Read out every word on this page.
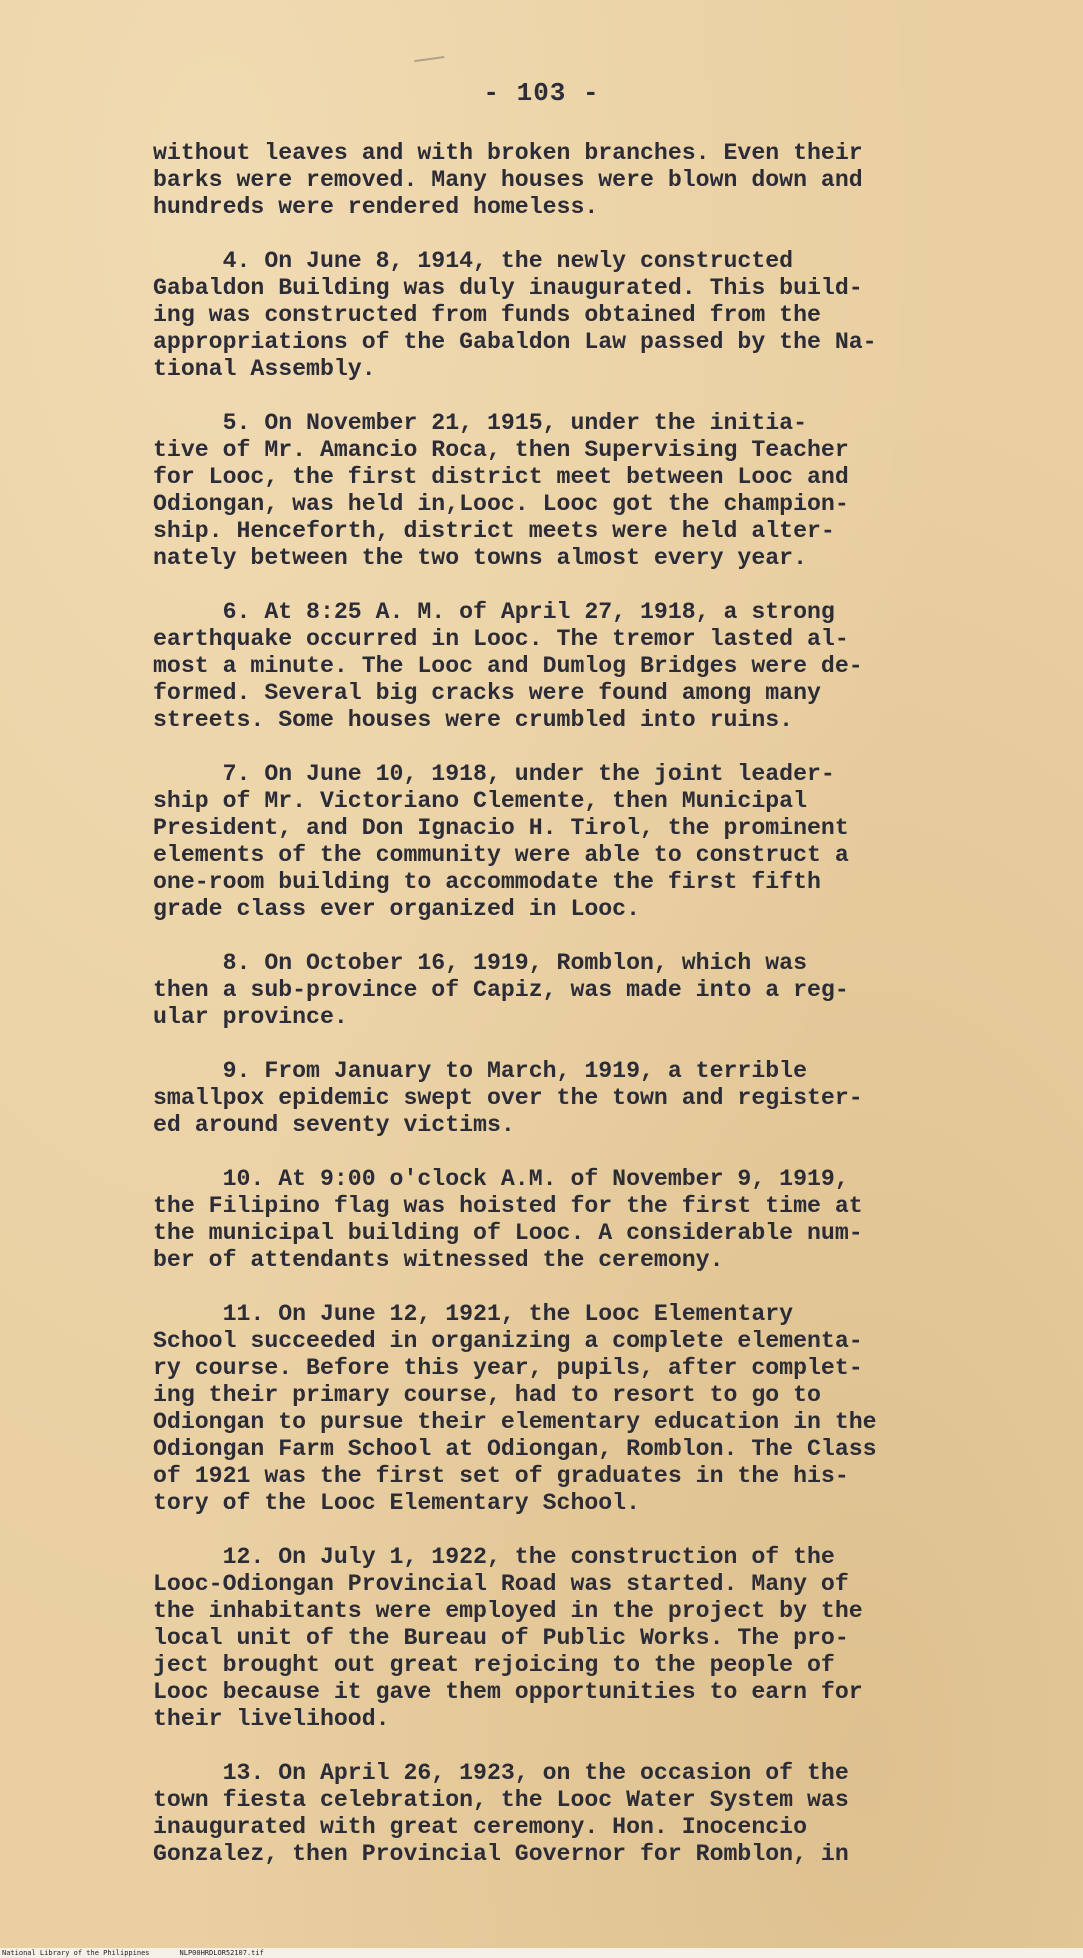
- 103 -

without leaves and with broken branches. Even their
barks were removed. Many houses were blown down and
hundreds were rendered homeless.

4. On June 8, 1914, the newly constructed
Gabaldon Building was duly inaugurated. This build-
ing was constructed from funds obtained from the
appropriations of the Gabaldon Law passed by the Na-
tional Assembly.

5. On November 21, 1915, under the initia-
tive of Mr. Amancio Roca, then Supervising Teacher
for Looc, the first district meet between Looc and
Odiongan, was held in,Looc. Looc got the champion-
ship. Henceforth, district meets were held alter-
nately between the two towns almost every year.

6. At 8:25 A. M. of April 27, 1918, a strong
earthquake occurred in Looc. The tremor lasted al-
most a minute. The Looc and Dumlog Bridges were de-
formed. Several big cracks were found among many
streets. Some houses were crumbled into ruins.

7. On June 10, 1918, under the joint leader-
ship of Mr. Victoriano Clemente, then Municipal
President, and Don Ignacio H. Tirol, the prominent
elements of the community were able to construct a
one-room building to accommodate the first fifth
grade class ever organized in Looc.

8. On October 16, 1919, Romblon, which was
then a sub-province of Capiz, was made into a reg-
ular province.

9. From January to March, 1919, a terrible
smallpox epidemic swept over the town and register-
ed around seventy victims.

10. At 9:00 o'clock A.M. of November 9, 1919,
the Filipino flag was hoisted for the first time at
the municipal building of Looc. A considerable num-
ber of attendants witnessed the ceremony.

11. On June 12, 1921, the Looc Elementary
School succeeded in organizing a complete elementa-
ry course. Before this year, pupils, after complet-
ing their primary course, had to resort to go to
Odiongan to pursue their elementary education in the
Odiongan Farm School at Odiongan, Romblon. The Class
of 1921 was the first set of graduates in the his-
tory of the Looc Elementary School.

12. On July 1, 1922, the construction of the
Looc-Odiongan Provincial Road was started. Many of
the inhabitants were employed in the project by the
local unit of the Bureau of Public Works. The pro-
ject brought out great rejoicing to the people of
Looc because it gave them opportunities to earn for
their livelihood.

13. On April 26, 1923, on the occasion of the
town fiesta celebration, the Looc Water System was
inaugurated with great ceremony. Hon. Inocencio
Gonzalez, then Provincial Governor for Romblon, in

National Library of the Philippines	NLP00HRDLOR52107.tif
